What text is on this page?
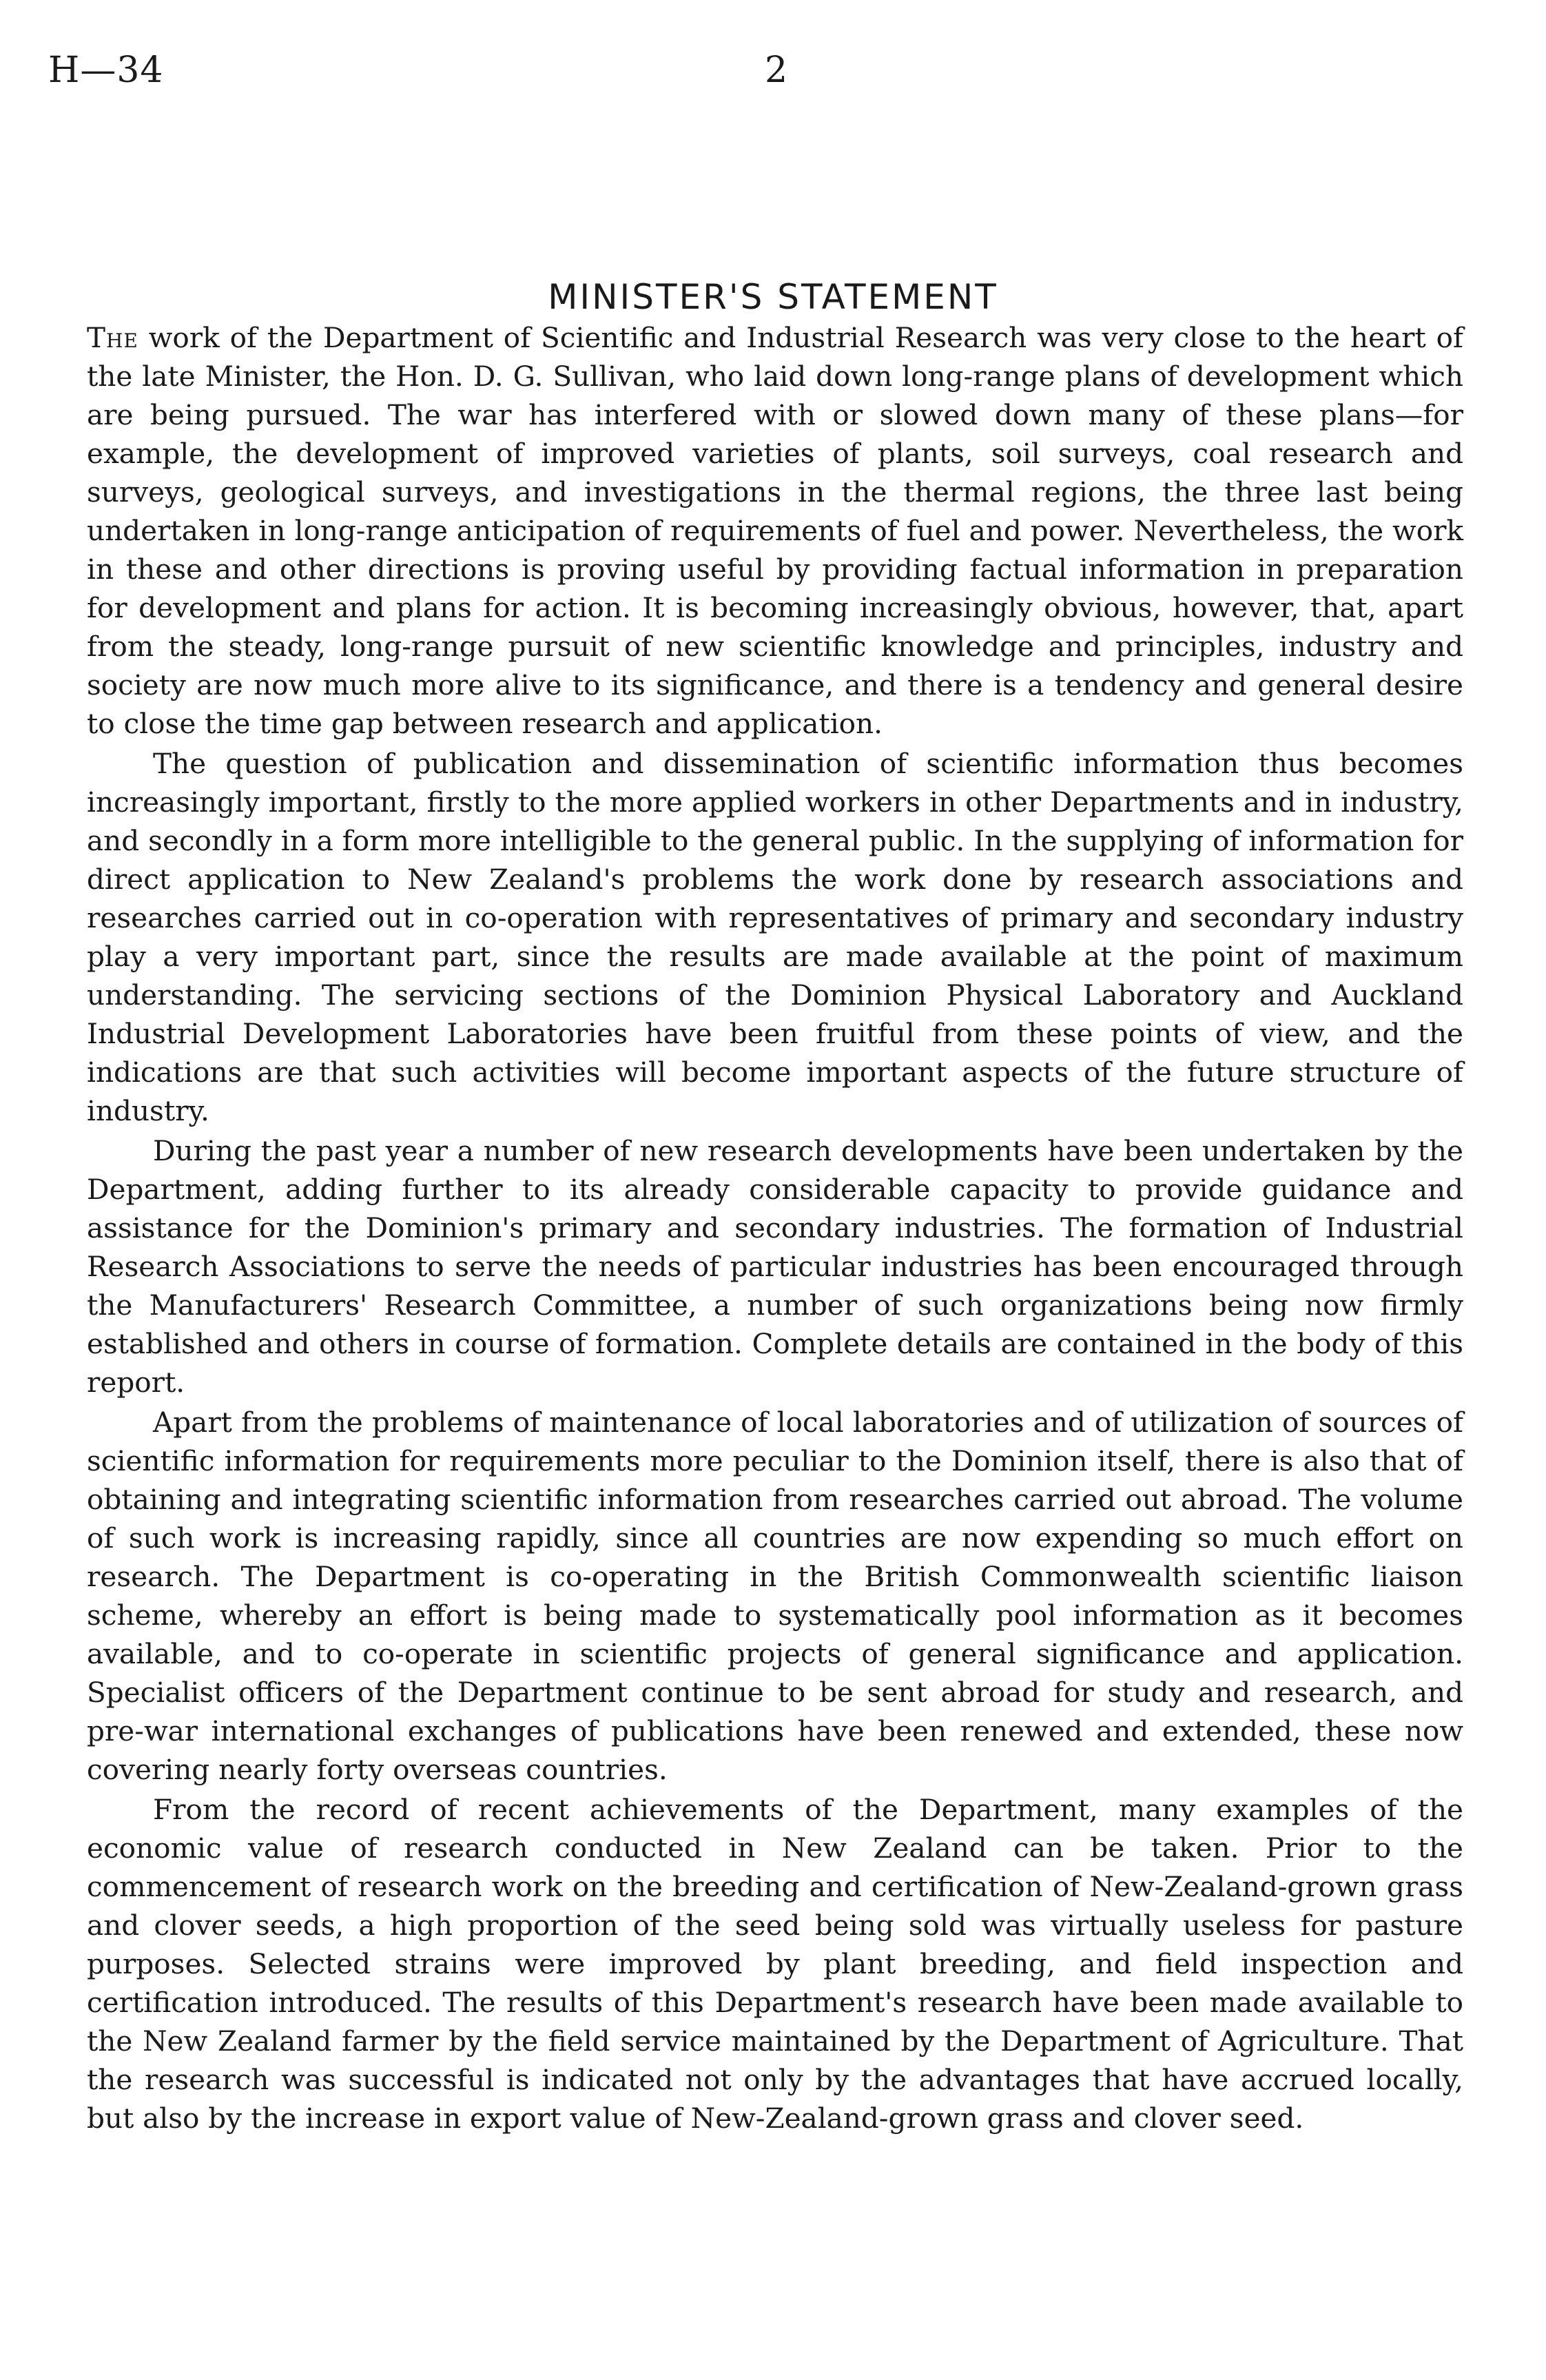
H—34	2
MINISTER'S STATEMENT

The work of the Department of Scientific and Industrial Research was very close to the heart of the late Minister, the Hon. D. G. Sullivan, who laid down long-range plans of development which are being pursued. The war has interfered with or slowed down many of these plans—for example, the development of improved varieties of plants, soil surveys, coal research and surveys, geological surveys, and investigations in the thermal regions, the three last being undertaken in long-range anticipation of requirements of fuel and power. Nevertheless, the work in these and other directions is proving useful by providing factual information in preparation for development and plans for action. It is becoming increasingly obvious, however, that, apart from the steady, long-range pursuit of new scientific knowledge and principles, industry and society are now much more alive to its significance, and there is a tendency and general desire to close the time gap between research and application.

The question of publication and dissemination of scientific information thus becomes increasingly important, firstly to the more applied workers in other Departments and in industry, and secondly in a form more intelligible to the general public. In the supplying of information for direct application to New Zealand's problems the work done by research associations and researches carried out in co-operation with representatives of primary and secondary industry play a very important part, since the results are made available at the point of maximum understanding. The servicing sections of the Dominion Physical Laboratory and Auckland Industrial Development Laboratories have been fruitful from these points of view, and the indications are that such activities will become important aspects of the future structure of industry.

During the past year a number of new research developments have been undertaken by the Department, adding further to its already considerable capacity to provide guidance and assistance for the Dominion's primary and secondary industries. The formation of Industrial Research Associations to serve the needs of particular industries has been encouraged through the Manufacturers' Research Committee, a number of such organizations being now firmly established and others in course of formation. Complete details are contained in the body of this report.

Apart from the problems of maintenance of local laboratories and of utilization of sources of scientific information for requirements more peculiar to the Dominion itself, there is also that of obtaining and integrating scientific information from researches carried out abroad. The volume of such work is increasing rapidly, since all countries are now expending so much effort on research. The Department is co-operating in the British Commonwealth scientific liaison scheme, whereby an effort is being made to systematically pool information as it becomes available, and to co-operate in scientific projects of general significance and application. Specialist officers of the Department continue to be sent abroad for study and research, and pre-war international exchanges of publications have been renewed and extended, these now covering nearly forty overseas countries.

From the record of recent achievements of the Department, many examples of the economic value of research conducted in New Zealand can be taken. Prior to the commencement of research work on the breeding and certification of New-Zealand-grown grass and clover seeds, a high proportion of the seed being sold was virtually useless for pasture purposes. Selected strains were improved by plant breeding, and field inspection and certification introduced. The results of this Department's research have been made available to the New Zealand farmer by the field service maintained by the Department of Agriculture. That the research was successful is indicated not only by the advantages that have accrued locally, but also by the increase in export value of New-Zealand-grown grass and clover seed.
